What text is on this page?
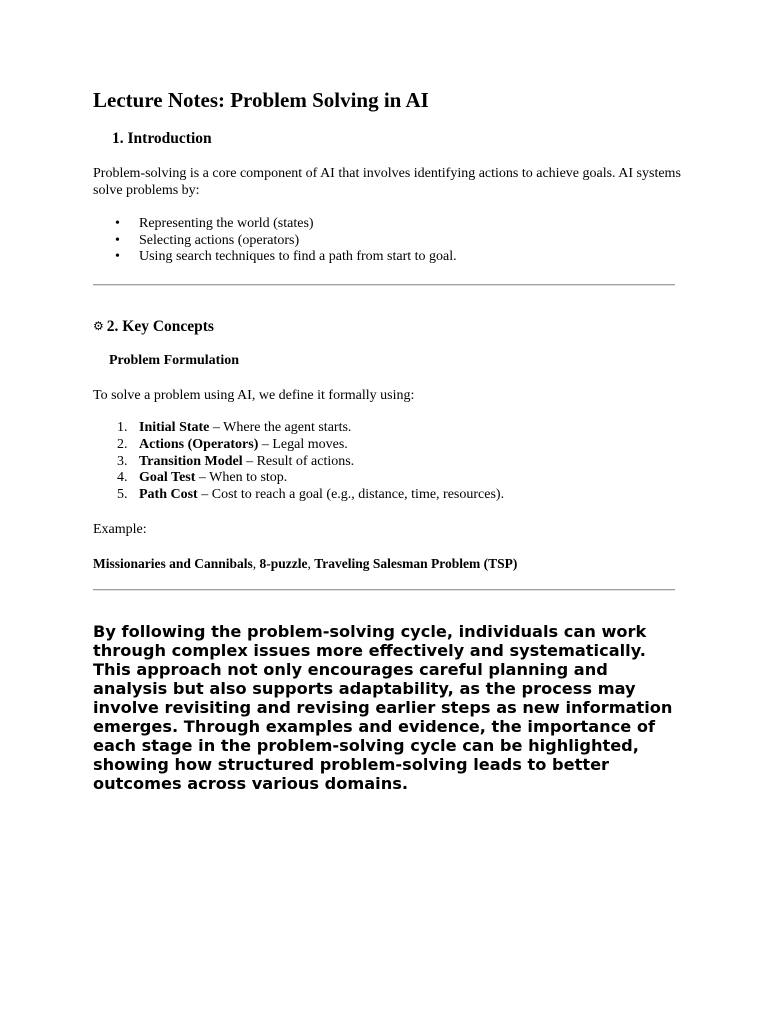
Lecture Notes: Problem Solving in AI
1. Introduction
Problem-solving is a core component of AI that involves identifying actions to achieve goals. AI systems solve problems by:
• Representing the world (states)
• Selecting actions (operators)
• Using search techniques to find a path from start to goal.
⚙ 2. Key Concepts
Problem Formulation
To solve a problem using AI, we define it formally using:
1. Initial State – Where the agent starts.
2. Actions (Operators) – Legal moves.
3. Transition Model – Result of actions.
4. Goal Test – When to stop.
5. Path Cost – Cost to reach a goal (e.g., distance, time, resources).
Example:
Missionaries and Cannibals, 8-puzzle, Traveling Salesman Problem (TSP)
By following the problem-solving cycle, individuals can work through complex issues more effectively and systematically. This approach not only encourages careful planning and analysis but also supports adaptability, as the process may involve revisiting and revising earlier steps as new information emerges. Through examples and evidence, the importance of each stage in the problem-solving cycle can be highlighted, showing how structured problem-solving leads to better outcomes across various domains.
